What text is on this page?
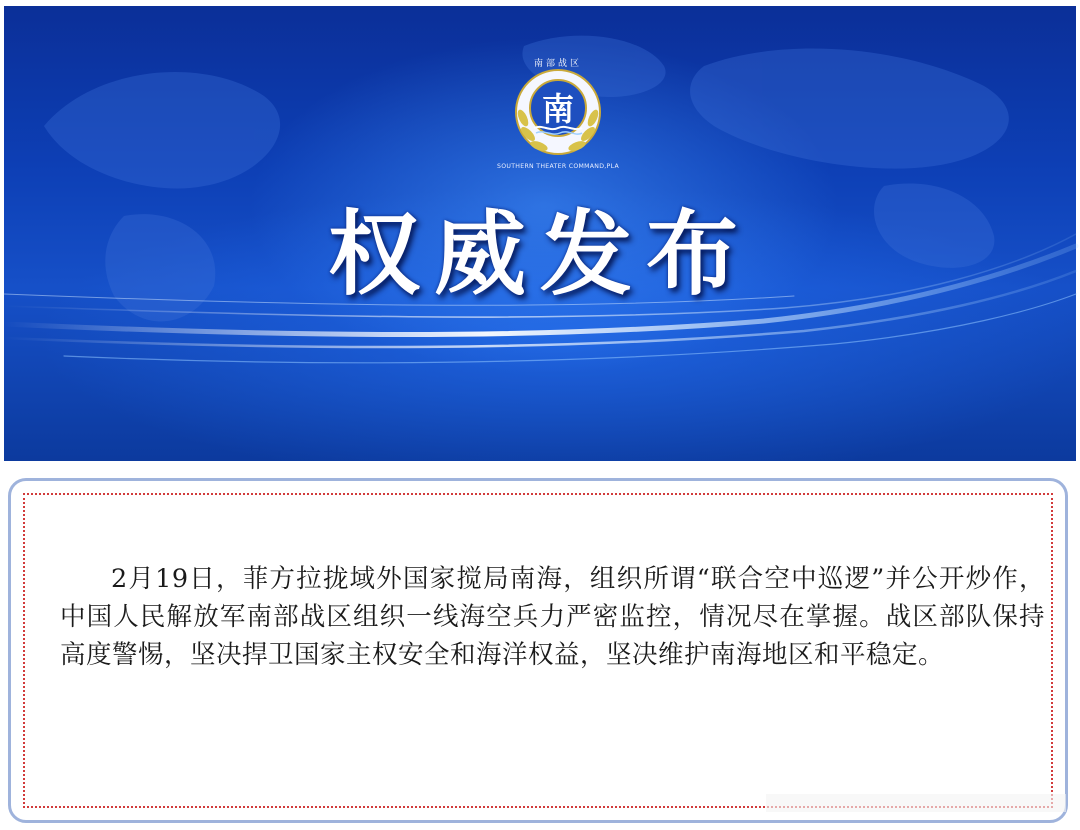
南部战区
南
SOUTHERN THEATER COMMAND,PLA
权威发布

2月19日，菲方拉拢域外国家搅局南海，组织所谓“联合空中巡逻”并公开炒作，中国人民解放军南部战区组织一线海空兵力严密监控，情况尽在掌握。战区部队保持高度警惕，坚决捍卫国家主权安全和海洋权益，坚决维护南海地区和平稳定。
